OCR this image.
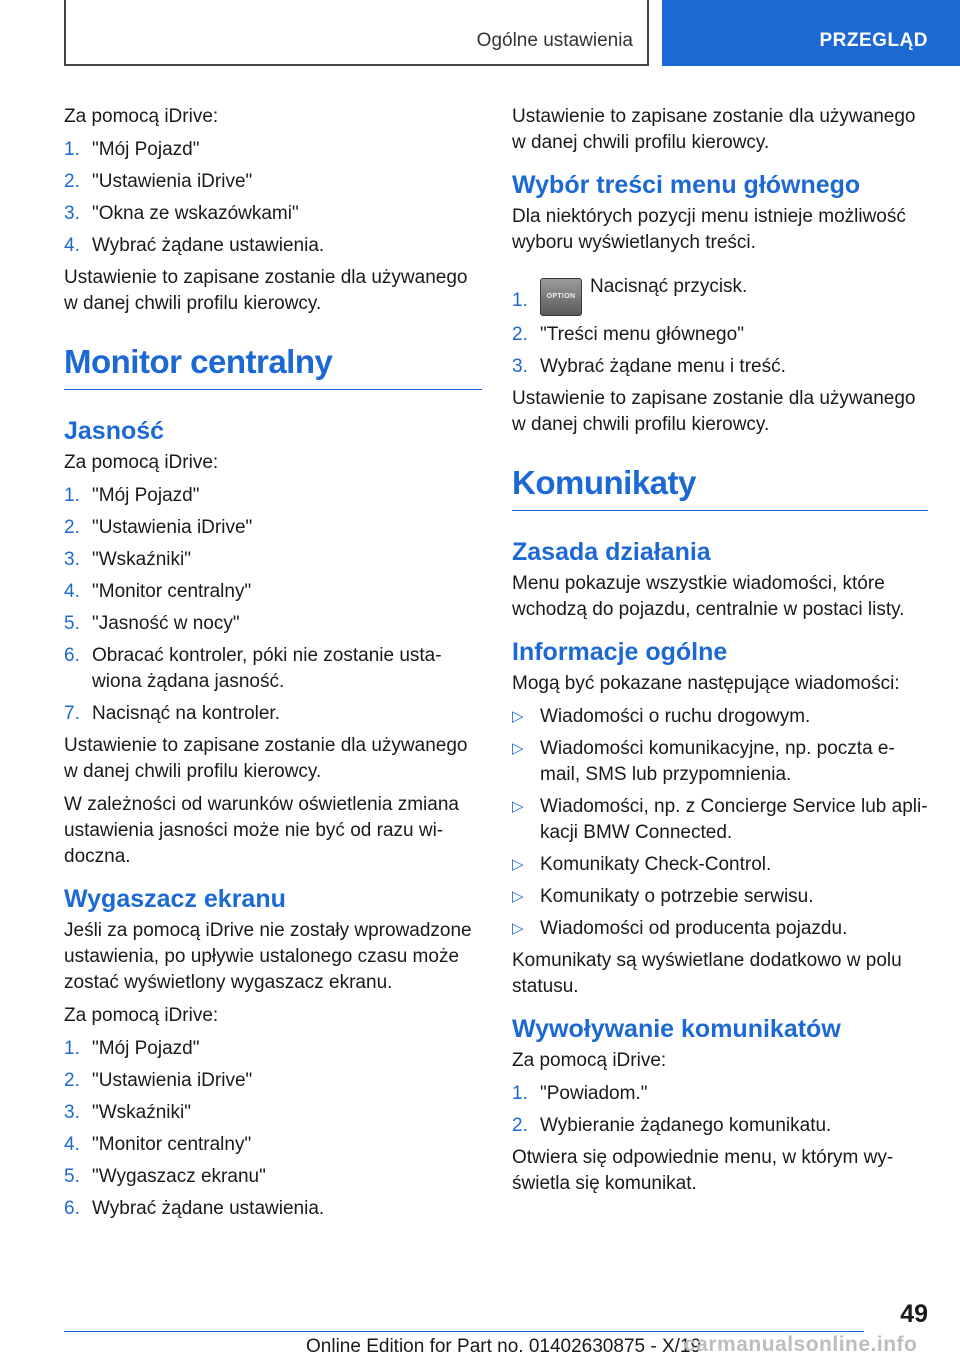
Ogólne ustawienia	PRZEGLĄD

Za pomocą iDrive:

1. "Mój Pojazd"
2. "Ustawienia iDrive"
3. "Okna ze wskazówkami"
4. Wybrać żądane ustawienia.

Ustawienie to zapisane zostanie dla używanego w danej chwili profilu kierowcy.

Monitor centralny
Jasność

Za pomocą iDrive:

1. "Mój Pojazd"
2. "Ustawienia iDrive"
3. "Wskaźniki"
4. "Monitor centralny"
5. "Jasność w nocy"
6. Obracać kontroler, póki nie zostanie usta-wiona żądana jasność.
7. Nacisnąć na kontroler.

Ustawienie to zapisane zostanie dla używanego w danej chwili profilu kierowcy.

W zależności od warunków oświetlenia zmiana ustawienia jasności może nie być od razu wi-doczna.

Wygaszacz ekranu

Jeśli za pomocą iDrive nie zostały wprowadzone ustawienia, po upływie ustalonego czasu może zostać wyświetlony wygaszacz ekranu.

Za pomocą iDrive:

1. "Mój Pojazd"
2. "Ustawienia iDrive"
3. "Wskaźniki"
4. "Monitor centralny"
5. "Wygaszacz ekranu"
6. Wybrać żądane ustawienia.

Ustawienie to zapisane zostanie dla używanego w danej chwili profilu kierowcy.

Wybór treści menu głównego

Dla niektórych pozycji menu istnieje możliwość wyboru wyświetlanych treści.

1.	OPTION Nacisnąć przycisk.
2. "Treści menu głównego"
3. Wybrać żądane menu i treść.

Ustawienie to zapisane zostanie dla używanego w danej chwili profilu kierowcy.

Komunikaty
Zasada działania

Menu pokazuje wszystkie wiadomości, które wchodzą do pojazdu, centralnie w postaci listy.

Informacje ogólne

Mogą być pokazane następujące wiadomości:

▷ Wiadomości o ruchu drogowym.
▷ Wiadomości komunikacyjne, np. poczta e-mail, SMS lub przypomnienia.
▷ Wiadomości, np. z Concierge Service lub apli-kacji BMW Connected.
▷ Komunikaty Check-Control.
▷ Komunikaty o potrzebie serwisu.
▷ Wiadomości od producenta pojazdu.

Komunikaty są wyświetlane dodatkowo w polu statusu.

Wywoływanie komunikatów

Za pomocą iDrive:

1. "Powiadom."
2. Wybieranie żądanego komunikatu.

Otwiera się odpowiednie menu, w którym wy-świetla się komunikat.

49
Online Edition for Part no. 01402630875 - X/19
carmanualsonline.info
